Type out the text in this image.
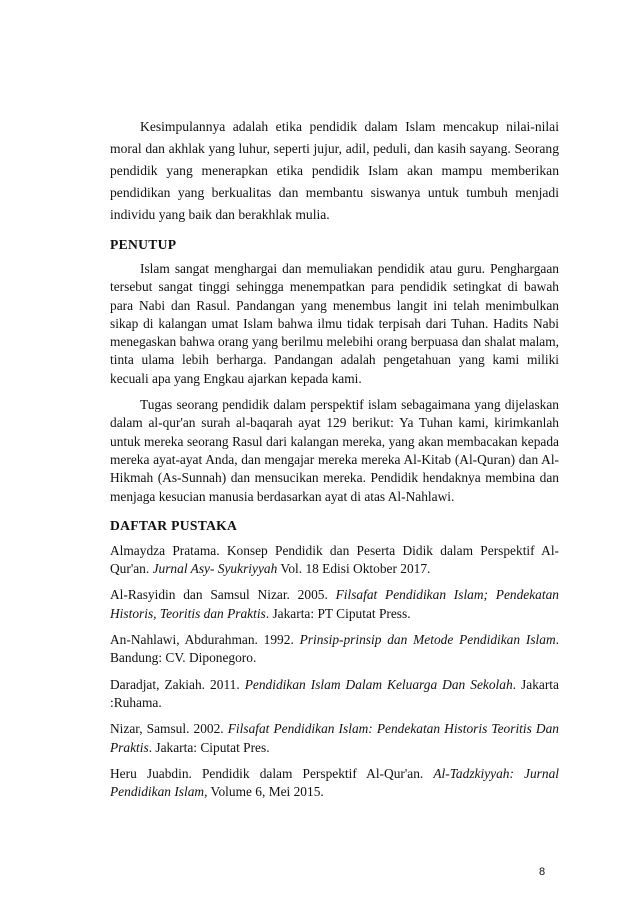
Kesimpulannya adalah etika pendidik dalam Islam mencakup nilai-nilai moral dan akhlak yang luhur, seperti jujur, adil, peduli, dan kasih sayang. Seorang pendidik yang menerapkan etika pendidik Islam akan mampu memberikan pendidikan yang berkualitas dan membantu siswanya untuk tumbuh menjadi individu yang baik dan berakhlak mulia.

PENUTUP

Islam sangat menghargai dan memuliakan pendidik atau guru. Penghargaan tersebut sangat tinggi sehingga menempatkan para pendidik setingkat di bawah para Nabi dan Rasul. Pandangan yang menembus langit ini telah menimbulkan sikap di kalangan umat Islam bahwa ilmu tidak terpisah dari Tuhan. Hadits Nabi menegaskan bahwa orang yang berilmu melebihi orang berpuasa dan shalat malam, tinta ulama lebih berharga. Pandangan adalah pengetahuan yang kami miliki kecuali apa yang Engkau ajarkan kepada kami.

Tugas seorang pendidik dalam perspektif islam sebagaimana yang dijelaskan dalam al-qur'an surah al-baqarah ayat 129 berikut: Ya Tuhan kami, kirimkanlah untuk mereka seorang Rasul dari kalangan mereka, yang akan membacakan kepada mereka ayat-ayat Anda, dan mengajar mereka mereka Al-Kitab (Al-Quran) dan Al-Hikmah (As-Sunnah) dan mensucikan mereka. Pendidik hendaknya membina dan menjaga kesucian manusia berdasarkan ayat di atas Al-Nahlawi.

DAFTAR PUSTAKA

Almaydza Pratama. Konsep Pendidik dan Peserta Didik dalam Perspektif Al-Qur'an. Jurnal Asy- Syukriyyah Vol. 18 Edisi Oktober 2017.

Al-Rasyidin dan Samsul Nizar. 2005. Filsafat Pendidikan Islam; Pendekatan Historis, Teoritis dan Praktis. Jakarta: PT Ciputat Press.

An-Nahlawi, Abdurahman. 1992. Prinsip-prinsip dan Metode Pendidikan Islam. Bandung: CV. Diponegoro.

Daradjat, Zakiah. 2011. Pendidikan Islam Dalam Keluarga Dan Sekolah. Jakarta :Ruhama.

Nizar, Samsul. 2002. Filsafat Pendidikan Islam: Pendekatan Historis Teoritis Dan Praktis. Jakarta: Ciputat Pres.

Heru Juabdin. Pendidik dalam Perspektif Al-Qur'an. Al-Tadzkiyyah: Jurnal Pendidikan Islam, Volume 6, Mei 2015.

8
